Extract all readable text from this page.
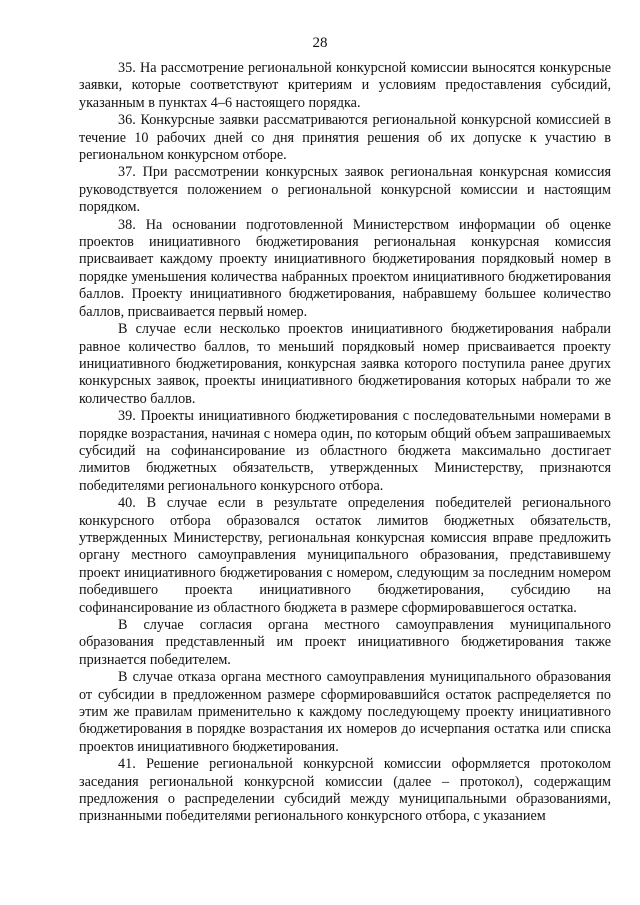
28

35. На рассмотрение региональной конкурсной комиссии выносятся конкурсные заявки, которые соответствуют критериям и условиям предоставления субсидий, указанным в пунктах 4–6 настоящего порядка.

36. Конкурсные заявки рассматриваются региональной конкурсной комиссией в течение 10 рабочих дней со дня принятия решения об их допуске к участию в региональном конкурсном отборе.

37. При рассмотрении конкурсных заявок региональная конкурсная комиссия руководствуется положением о региональной конкурсной комиссии и настоящим порядком.

38. На основании подготовленной Министерством информации об оценке проектов инициативного бюджетирования региональная конкурсная комиссия присваивает каждому проекту инициативного бюджетирования порядковый номер в порядке уменьшения количества набранных проектом инициативного бюджетирования баллов. Проекту инициативного бюджетирования, набравшему большее количество баллов, присваивается первый номер.

В случае если несколько проектов инициативного бюджетирования набрали равное количество баллов, то меньший порядковый номер присваивается проекту инициативного бюджетирования, конкурсная заявка которого поступила ранее других конкурсных заявок, проекты инициативного бюджетирования которых набрали то же количество баллов.

39. Проекты инициативного бюджетирования с последовательными номерами в порядке возрастания, начиная с номера один, по которым общий объем запрашиваемых субсидий на софинансирование из областного бюджета максимально достигает лимитов бюджетных обязательств, утвержденных Министерству, признаются победителями регионального конкурсного отбора.

40. В случае если в результате определения победителей регионального конкурсного отбора образовался остаток лимитов бюджетных обязательств, утвержденных Министерству, региональная конкурсная комиссия вправе предложить органу местного самоуправления муниципального образования, представившему проект инициативного бюджетирования с номером, следующим за последним номером победившего проекта инициативного бюджетирования, субсидию на софинансирование из областного бюджета в размере сформировавшегося остатка.

В случае согласия органа местного самоуправления муниципального образования представленный им проект инициативного бюджетирования также признается победителем.

В случае отказа органа местного самоуправления муниципального образования от субсидии в предложенном размере сформировавшийся остаток распределяется по этим же правилам применительно к каждому последующему проекту инициативного бюджетирования в порядке возрастания их номеров до исчерпания остатка или списка проектов инициативного бюджетирования.

41. Решение региональной конкурсной комиссии оформляется протоколом заседания региональной конкурсной комиссии (далее – протокол), содержащим предложения о распределении субсидий между муниципальными образованиями, признанными победителями регионального конкурсного отбора, с указанием
